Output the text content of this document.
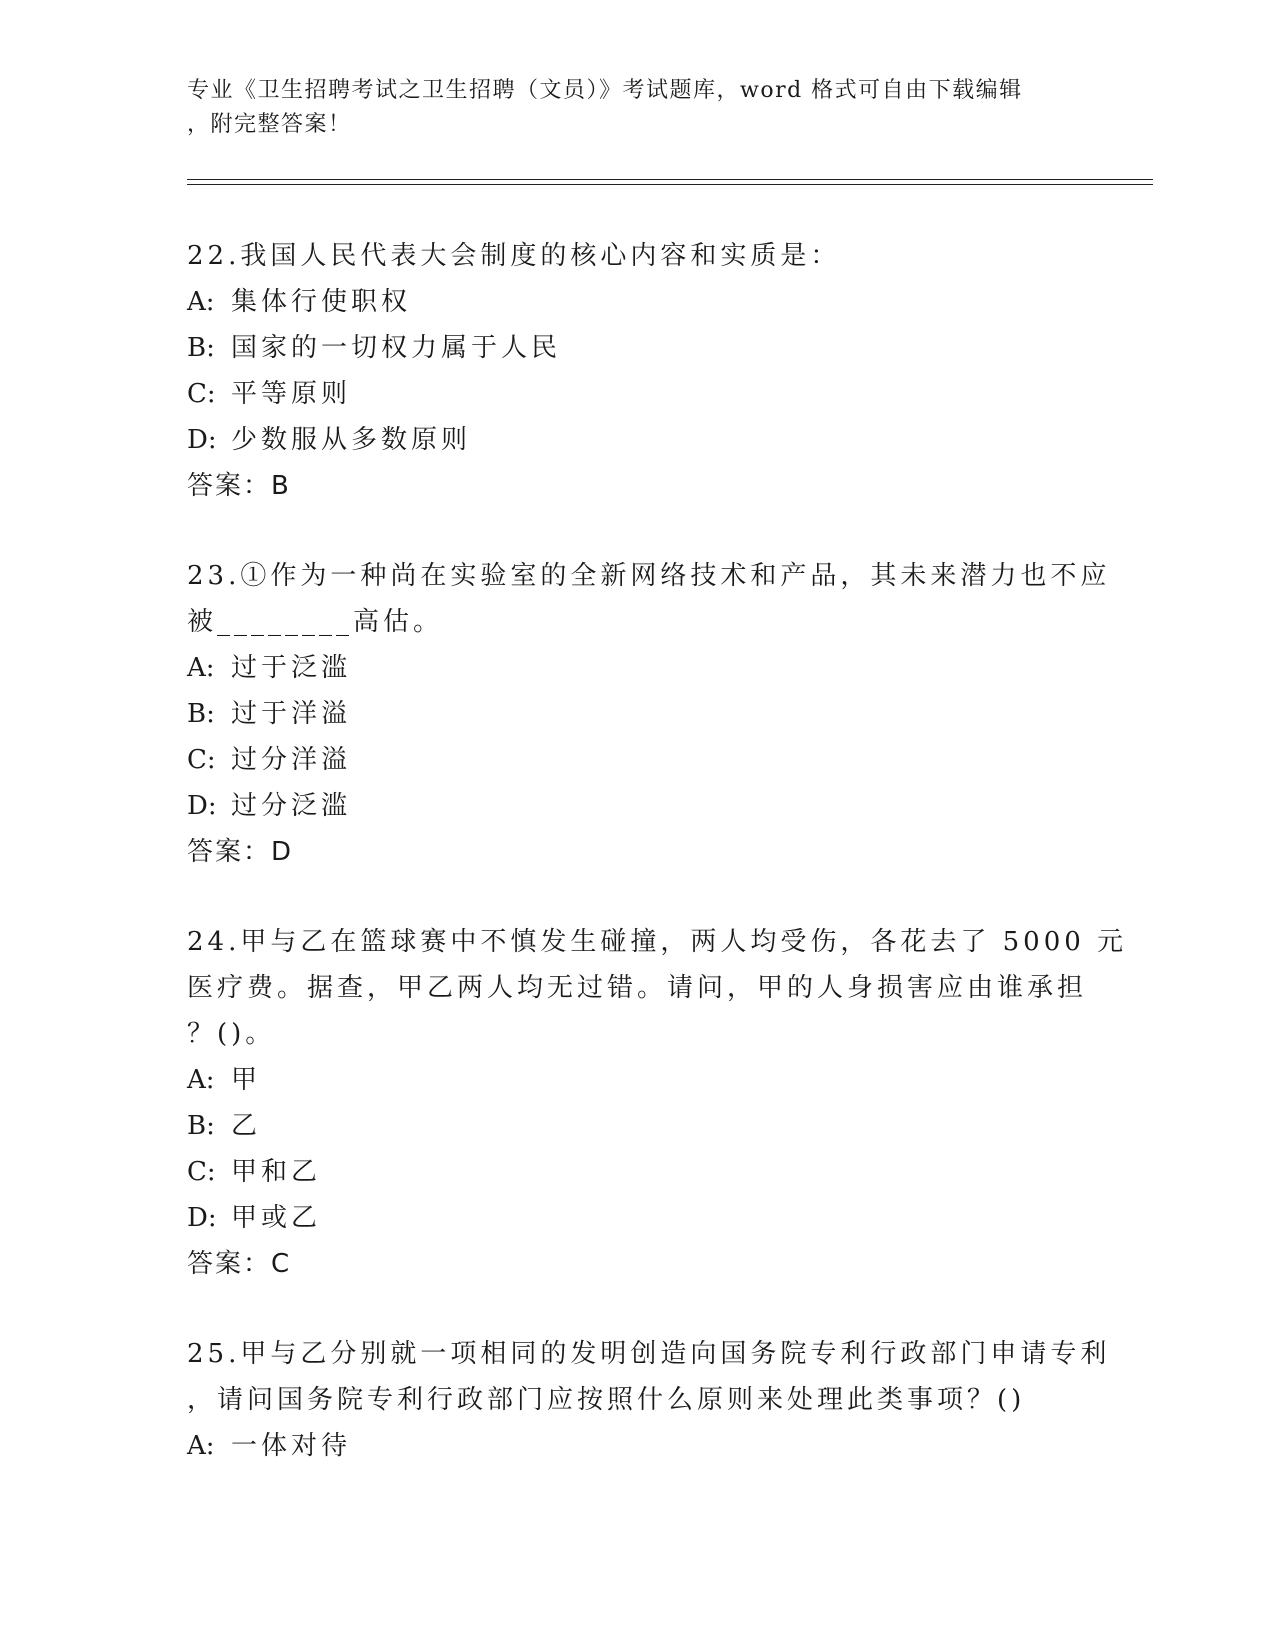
专业《卫生招聘考试之卫生招聘（文员）》考试题库，word 格式可自由下载编辑
，附完整答案！
22.我国人民代表大会制度的核心内容和实质是：
A: 集体行使职权
B: 国家的一切权力属于人民
C: 平等原则
D: 少数服从多数原则
答案：B
23.①作为一种尚在实验室的全新网络技术和产品，其未来潜力也不应
被________高估。
A: 过于泛滥
B: 过于洋溢
C: 过分洋溢
D: 过分泛滥
答案：D
24.甲与乙在篮球赛中不慎发生碰撞，两人均受伤，各花去了 5000 元
医疗费。据查，甲乙两人均无过错。请问，甲的人身损害应由谁承担
？()。
A: 甲
B: 乙
C: 甲和乙
D: 甲或乙
答案：C
25.甲与乙分别就一项相同的发明创造向国务院专利行政部门申请专利
，请问国务院专利行政部门应按照什么原则来处理此类事项？()
A: 一体对待
